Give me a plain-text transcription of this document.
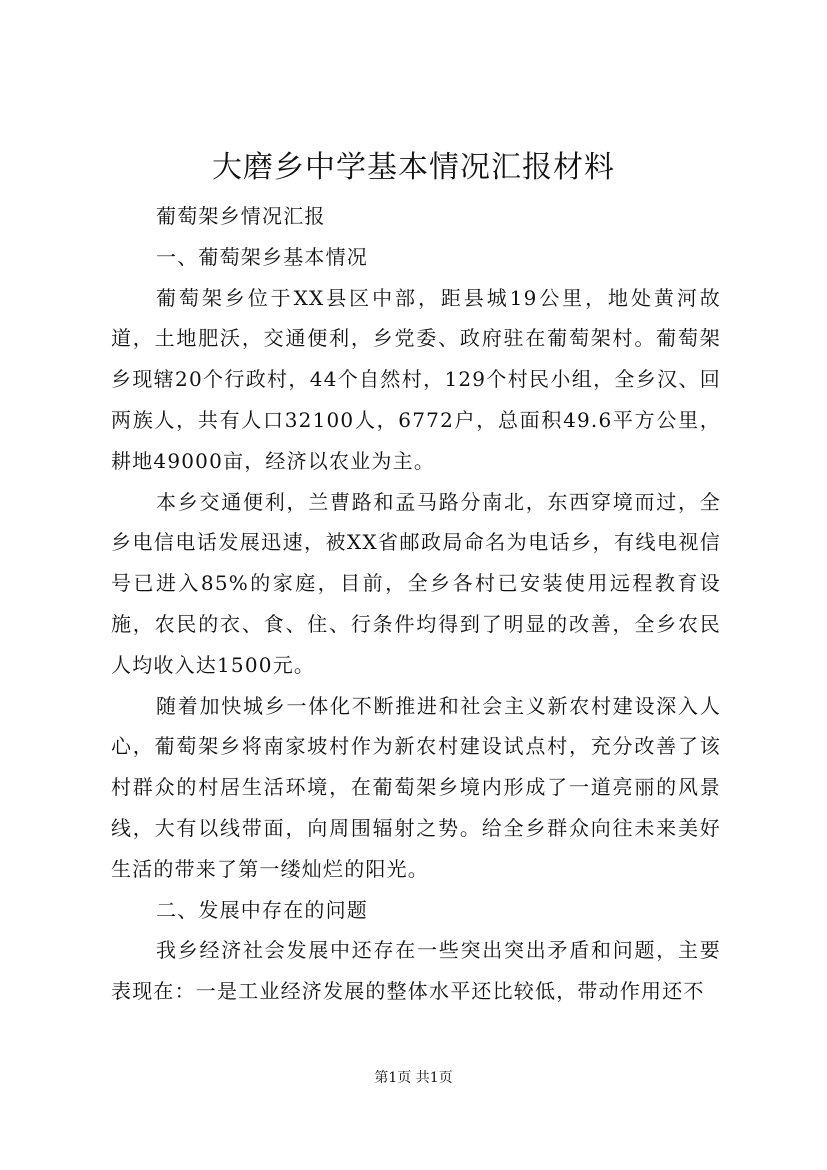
大磨乡中学基本情况汇报材料

葡萄架乡情况汇报

一、葡萄架乡基本情况

葡萄架乡位于XX县区中部，距县城19公里，地处黄河故道，土地肥沃，交通便利，乡党委、政府驻在葡萄架村。葡萄架乡现辖20个行政村，44个自然村，129个村民小组，全乡汉、回两族人，共有人口32100人，6772户，总面积49.6平方公里，耕地49000亩，经济以农业为主。

本乡交通便利，兰曹路和孟马路分南北，东西穿境而过，全乡电信电话发展迅速，被XX省邮政局命名为电话乡，有线电视信号已进入85%的家庭，目前，全乡各村已安装使用远程教育设施，农民的衣、食、住、行条件均得到了明显的改善，全乡农民人均收入达1500元。

随着加快城乡一体化不断推进和社会主义新农村建设深入人心，葡萄架乡将南家坡村作为新农村建设试点村，充分改善了该村群众的村居生活环境，在葡萄架乡境内形成了一道亮丽的风景线，大有以线带面，向周围辐射之势。给全乡群众向往未来美好生活的带来了第一缕灿烂的阳光。

二、发展中存在的问题

我乡经济社会发展中还存在一些突出突出矛盾和问题，主要表现在：一是工业经济发展的整体水平还比较低，带动作用还不

第1页 共1页
